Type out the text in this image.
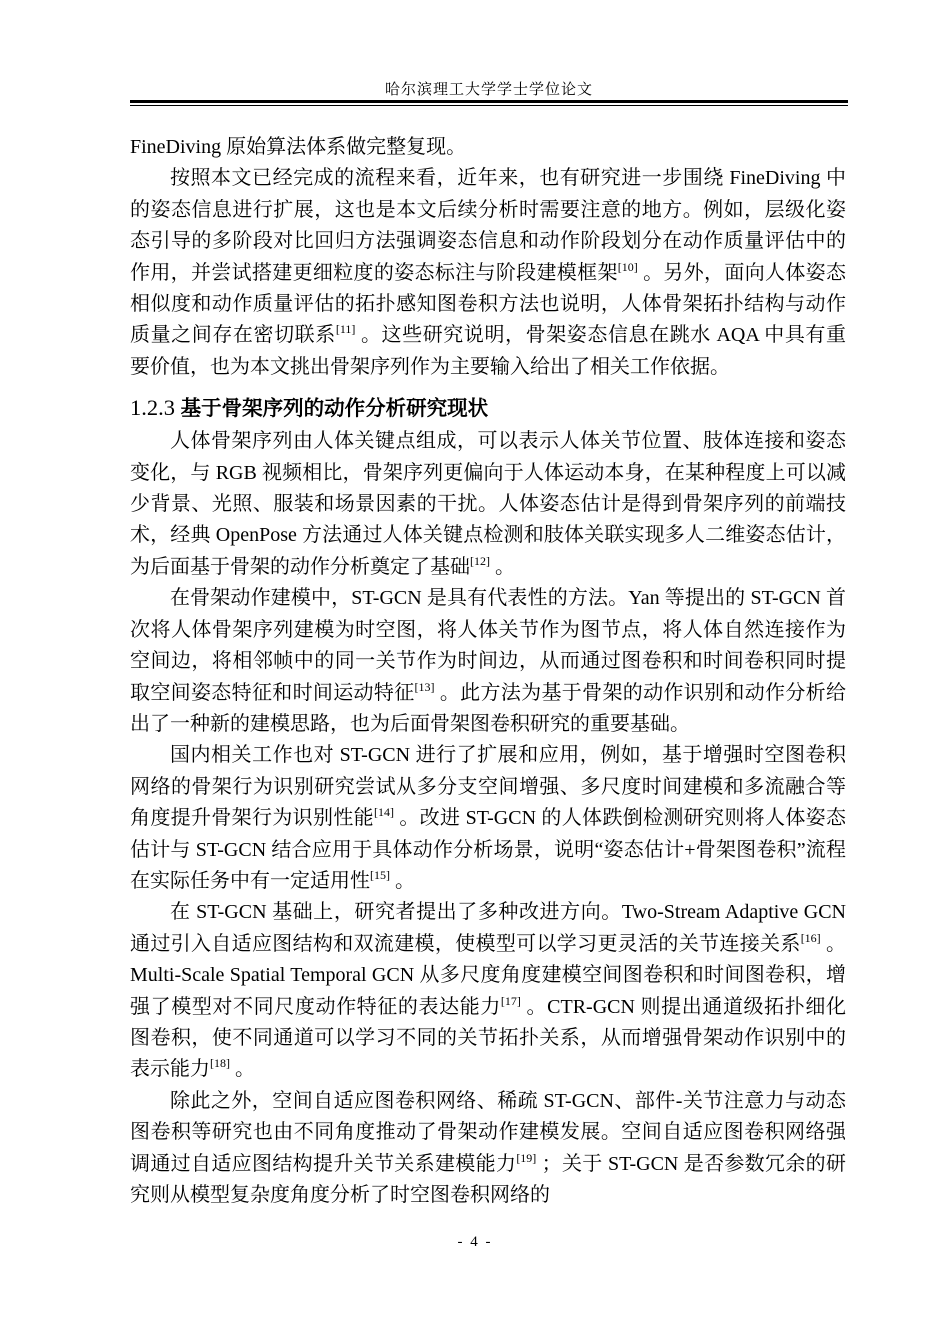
哈尔滨理工大学学士学位论文

FineDiving 原始算法体系做完整复现。

按照本文已经完成的流程来看，近年来，也有研究进一步围绕 FineDiving 中的姿态信息进行扩展，这也是本文后续分析时需要注意的地方。例如，层级化姿态引导的多阶段对比回归方法强调姿态信息和动作阶段划分在动作质量评估中的作用，并尝试搭建更细粒度的姿态标注与阶段建模框架[10] 。另外，面向人体姿态相似度和动作质量评估的拓扑感知图卷积方法也说明，人体骨架拓扑结构与动作质量之间存在密切联系[11] 。这些研究说明，骨架姿态信息在跳水 AQA 中具有重要价值，也为本文挑出骨架序列作为主要输入给出了相关工作依据。

1.2.3 基于骨架序列的动作分析研究现状

人体骨架序列由人体关键点组成，可以表示人体关节位置、肢体连接和姿态变化，与 RGB 视频相比，骨架序列更偏向于人体运动本身，在某种程度上可以减少背景、光照、服装和场景因素的干扰。人体姿态估计是得到骨架序列的前端技术，经典 OpenPose 方法通过人体关键点检测和肢体关联实现多人二维姿态估计，为后面基于骨架的动作分析奠定了基础[12] 。

在骨架动作建模中，ST-GCN 是具有代表性的方法。Yan 等提出的 ST-GCN 首次将人体骨架序列建模为时空图，将人体关节作为图节点，将人体自然连接作为空间边，将相邻帧中的同一关节作为时间边，从而通过图卷积和时间卷积同时提取空间姿态特征和时间运动特征[13] 。此方法为基于骨架的动作识别和动作分析给出了一种新的建模思路，也为后面骨架图卷积研究的重要基础。

国内相关工作也对 ST-GCN 进行了扩展和应用，例如，基于增强时空图卷积网络的骨架行为识别研究尝试从多分支空间增强、多尺度时间建模和多流融合等角度提升骨架行为识别性能[14] 。改进 ST-GCN 的人体跌倒检测研究则将人体姿态估计与 ST-GCN 结合应用于具体动作分析场景，说明“姿态估计+骨架图卷积”流程在实际任务中有一定适用性[15] 。

在 ST-GCN 基础上，研究者提出了多种改进方向。Two-Stream Adaptive GCN 通过引入自适应图结构和双流建模，使模型可以学习更灵活的关节连接关系[16] 。Multi-Scale Spatial Temporal GCN 从多尺度角度建模空间图卷积和时间图卷积，增强了模型对不同尺度动作特征的表达能力[17] 。CTR-GCN 则提出通道级拓扑细化图卷积，使不同通道可以学习不同的关节拓扑关系，从而增强骨架动作识别中的表示能力[18] 。

除此之外，空间自适应图卷积网络、稀疏 ST-GCN、部件-关节注意力与动态图卷积等研究也由不同角度推动了骨架动作建模发展。空间自适应图卷积网络强调通过自适应图结构提升关节关系建模能力[19] ；关于 ST-GCN 是否参数冗余的研究则从模型复杂度角度分析了时空图卷积网络的

- 4 -
